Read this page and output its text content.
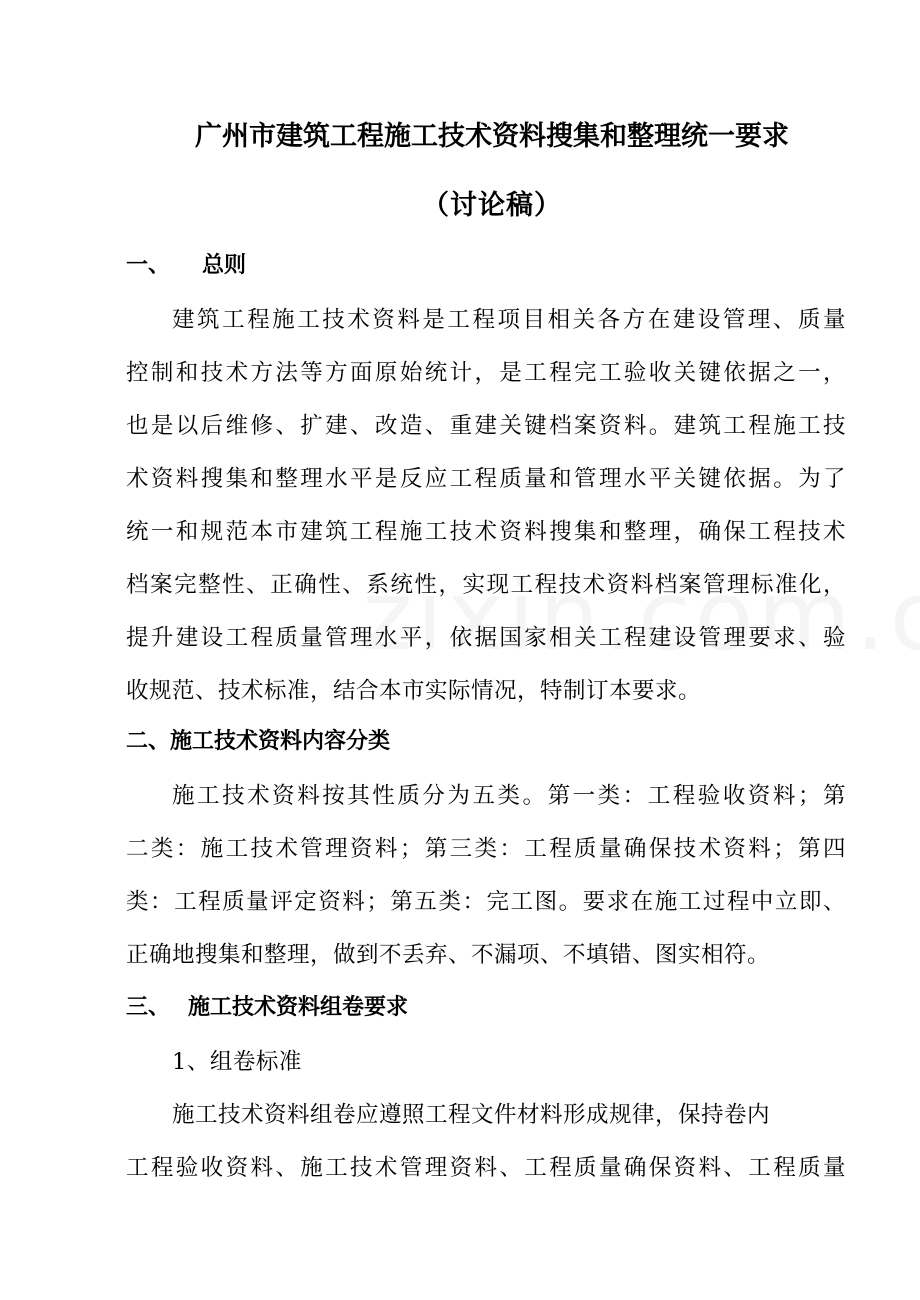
广州市建筑工程施工技术资料搜集和整理统一要求
（讨论稿）
一、 总则
建筑工程施工技术资料是工程项目相关各方在建设管理、质量
控制和技术方法等方面原始统计，是工程完工验收关键依据之一，
也是以后维修、扩建、改造、重建关键档案资料。建筑工程施工技
术资料搜集和整理水平是反应工程质量和管理水平关键依据。为了
统一和规范本市建筑工程施工技术资料搜集和整理，确保工程技术
档案完整性、正确性、系统性，实现工程技术资料档案管理标准化，
提升建设工程质量管理水平，依据国家相关工程建设管理要求、验
收规范、技术标准，结合本市实际情况，特制订本要求。
二、施工技术资料内容分类
施工技术资料按其性质分为五类。第一类：工程验收资料；第
二类：施工技术管理资料；第三类：工程质量确保技术资料；第四
类：工程质量评定资料；第五类：完工图。要求在施工过程中立即、
正确地搜集和整理，做到不丢弃、不漏项、不填错、图实相符。
三、 施工技术资料组卷要求
1、组卷标准
施工技术资料组卷应遵照工程文件材料形成规律，保持卷内
工程验收资料、施工技术管理资料、工程质量确保资料、工程质量
